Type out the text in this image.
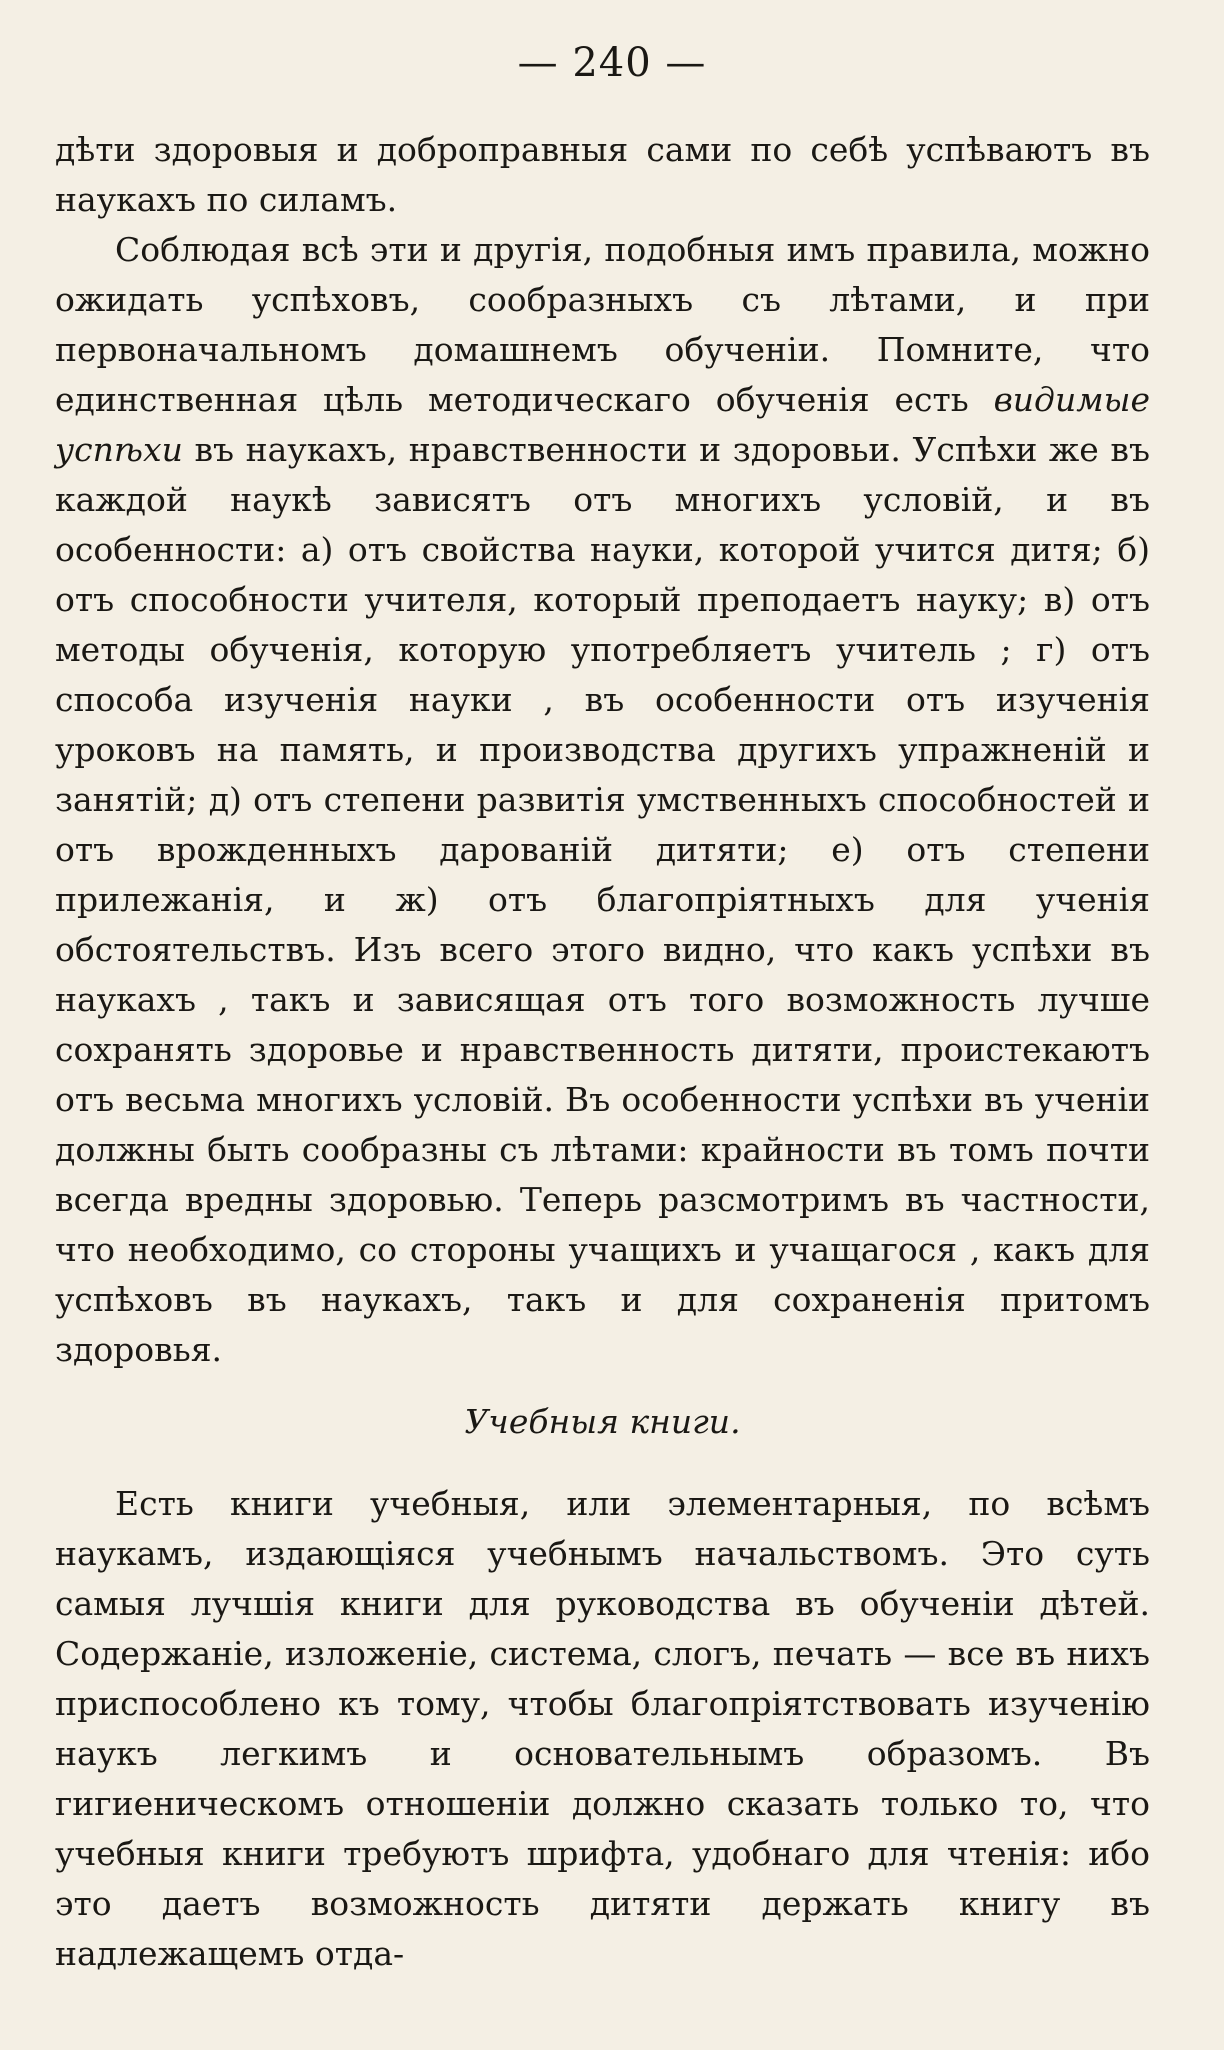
— 240 —

дѣти здоровыя и доброправныя сами по себѣ успѣваютъ въ наукахъ по силамъ.

Соблюдая всѣ эти и другія, подобныя имъ правила, можно ожидать успѣховъ, сообразныхъ съ лѣтами, и при первоначальномъ домашнемъ обученіи. Помните, что единственная цѣль методическаго обученія есть видимые успѣхи въ наукахъ, нравственности и здоровьи. Успѣхи же въ каждой наукѣ зависятъ отъ многихъ условій, и въ особенности: а) отъ свойства науки, которой учится дитя; б) отъ способности учителя, который преподаетъ науку; в) отъ методы обученія, которую употребляетъ учитель ; г) отъ способа изученія науки , въ особенности отъ изученія уроковъ на память, и производства другихъ упражненій и занятій; д) отъ степени развитія умственныхъ способностей и отъ врожденныхъ дарованій дитяти; е) отъ степени прилежанія, и ж) отъ благопріятныхъ для ученія обстоятельствъ. Изъ всего этого видно, что какъ успѣхи въ наукахъ , такъ и зависящая отъ того возможность лучше сохранять здоровье и нравственность дитяти, проистекаютъ отъ весьма многихъ условій. Въ особенности успѣхи въ ученіи должны быть сообразны съ лѣтами: крайности въ томъ почти всегда вредны здоровью. Теперь разсмотримъ въ частности, что необходимо, со стороны учащихъ и учащагося , какъ для успѣховъ въ наукахъ, такъ и для сохраненія притомъ здоровья.

Учебныя книги.

Есть книги учебныя, или элементарныя, по всѣмъ наукамъ, издающіяся учебнымъ начальствомъ. Это суть самыя лучшія книги для руководства въ обученіи дѣтей. Содержаніе, изложеніе, система, слогъ, печать — все въ нихъ приспособлено къ тому, чтобы благопріятствовать изученію наукъ легкимъ и основательнымъ образомъ. Въ гигиеническомъ отношеніи должно сказать только то, что учебныя книги требуютъ шрифта, удобнаго для чтенія: ибо это даетъ возможность дитяти держать книгу въ надлежащемъ отда-
